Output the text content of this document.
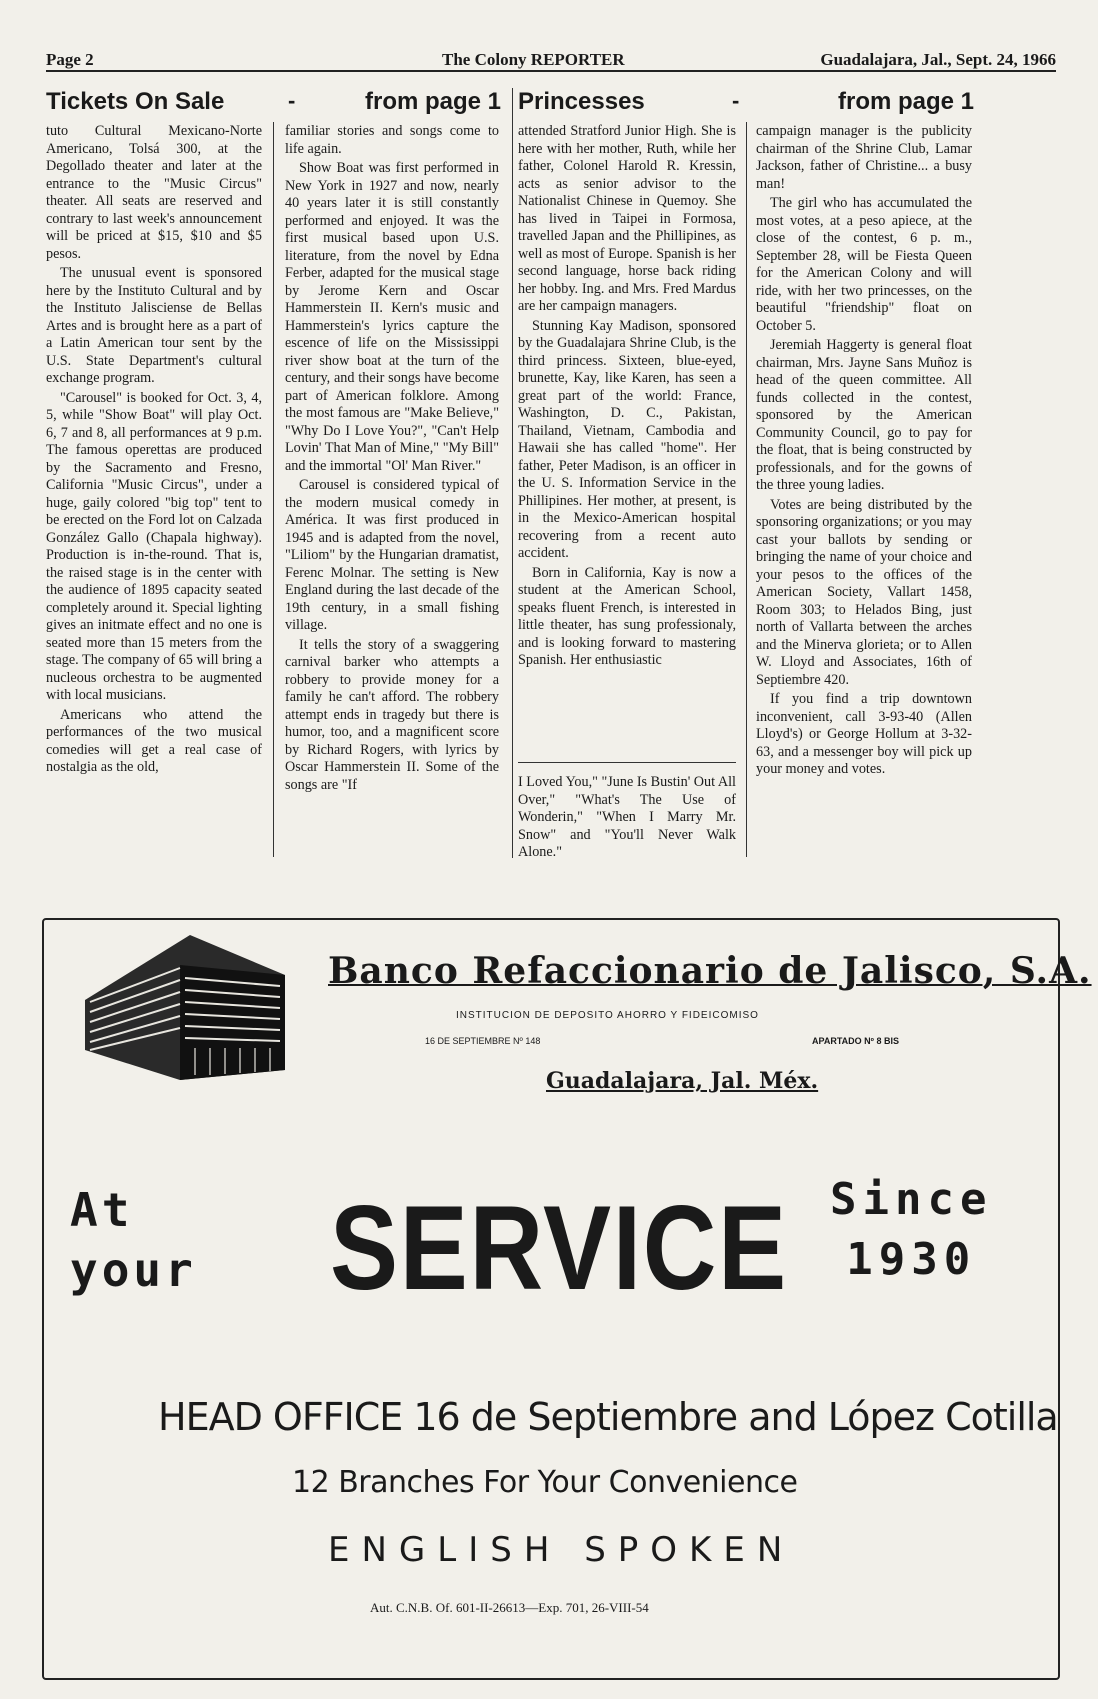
Page 2	The Colony REPORTER	Guadalajara, Jal., Sept. 24, 1966
Tickets On Sale	-	from page 1 Princesses	-	from page 1

tuto Cultural Mexicano-Norte Americano, Tolsá 300, at the Degollado theater and later at the entrance to the "Music Circus" theater. All seats are reserved and contrary to last week's announcement will be priced at $15, $10 and $5 pesos.

The unusual event is sponsored here by the Instituto Cultural and by the Instituto Jalisciense de Bellas Artes and is brought here as a part of a Latin American tour sent by the U.S. State Department's cultural exchange program.

"Carousel" is booked for Oct. 3, 4, 5, while "Show Boat" will play Oct. 6, 7 and 8, all performances at 9 p.m. The famous operettas are produced by the Sacramento and Fresno, California "Music Circus", under a huge, gaily colored "big top" tent to be erected on the Ford lot on Calzada González Gallo (Chapala highway). Production is in-the-round. That is, the raised stage is in the center with the audience of 1895 capacity seated completely around it. Special lighting gives an initmate effect and no one is seated more than 15 meters from the stage. The company of 65 will bring a nucleous orchestra to be augmented with local musicians.

Americans who attend the performances of the two musical comedies will get a real case of nostalgia as the old,

familiar stories and songs come to life again.

Show Boat was first performed in New York in 1927 and now, nearly 40 years later it is still constantly performed and enjoyed. It was the first musical based upon U.S. literature, from the novel by Edna Ferber, adapted for the musical stage by Jerome Kern and Oscar Hammerstein II. Kern's music and Hammerstein's lyrics capture the escence of life on the Mississippi river show boat at the turn of the century, and their songs have become part of American folklore. Among the most famous are "Make Believe," "Why Do I Love You?", "Can't Help Lovin' That Man of Mine," "My Bill" and the immortal "Ol' Man River."

Carousel is considered typical of the modern musical comedy in América. It was first produced in 1945 and is adapted from the novel, "Liliom" by the Hungarian dramatist, Ferenc Molnar. The setting is New England during the last decade of the 19th century, in a small fishing village.

It tells the story of a swaggering carnival barker who attempts a robbery to provide money for a family he can't afford. The robbery attempt ends in tragedy but there is humor, too, and a magnificent score by Richard Rogers, with lyrics by Oscar Hammerstein II. Some of the songs are "If

attended Stratford Junior High. She is here with her mother, Ruth, while her father, Colonel Harold R. Kressin, acts as senior advisor to the Nationalist Chinese in Quemoy. She has lived in Taipei in Formosa, travelled Japan and the Phillipines, as well as most of Europe. Spanish is her second language, horse back riding her hobby. Ing. and Mrs. Fred Mardus are her campaign managers.

Stunning Kay Madison, sponsored by the Guadalajara Shrine Club, is the third princess. Sixteen, blue-eyed, brunette, Kay, like Karen, has seen a great part of the world: France, Washington, D. C., Pakistan, Thailand, Vietnam, Cambodia and Hawaii she has called "home". Her father, Peter Madison, is an officer in the U. S. Information Service in the Phillipines. Her mother, at present, is in the Mexico-American hospital recovering from a recent auto accident.

Born in California, Kay is now a student at the American School, speaks fluent French, is interested in little theater, has sung professionaly, and is looking forward to mastering Spanish. Her enthusiastic

I Loved You," "June Is Bustin' Out All Over," "What's The Use of Wonderin," "When I Marry Mr. Snow" and "You'll Never Walk Alone."

campaign manager is the publicity chairman of the Shrine Club, Lamar Jackson, father of Christine... a busy man!

The girl who has accumulated the most votes, at a peso apiece, at the close of the contest, 6 p. m., September 28, will be Fiesta Queen for the American Colony and will ride, with her two princesses, on the beautiful "friendship" float on October 5.

Jeremiah Haggerty is general float chairman, Mrs. Jayne Sans Muñoz is head of the queen committee. All funds collected in the contest, sponsored by the American Community Council, go to pay for the float, that is being constructed by professionals, and for the gowns of the three young ladies.

Votes are being distributed by the sponsoring organizations; or you may cast your ballots by sending or bringing the name of your choice and your pesos to the offices of the American Society, Vallart 1458, Room 303; to Helados Bing, just north of Vallarta between the arches and the Minerva glorieta; or to Allen W. Lloyd and Associates, 16th of Septiembre 420.

If you find a trip downtown inconvenient, call 3-93-40 (Allen Lloyd's) or George Hollum at 3-32-63, and a messenger boy will pick up your money and votes.

Banco Refaccionario de Jalisco, S.A.
INSTITUCION DE DEPOSITO AHORRO Y FIDEICOMISO
16 DE SEPTIEMBRE Nº 148	APARTADO Nº 8 BIS
Guadalajara, Jal. Méx.
At
your SERVICE Since
1930
HEAD OFFICE 16 de Septiembre and López Cotilla
12 Branches For Your Convenience
ENGLISH SPOKEN
Aut. C.N.B. Of. 601-II-26613—Exp. 701, 26-VIII-54
